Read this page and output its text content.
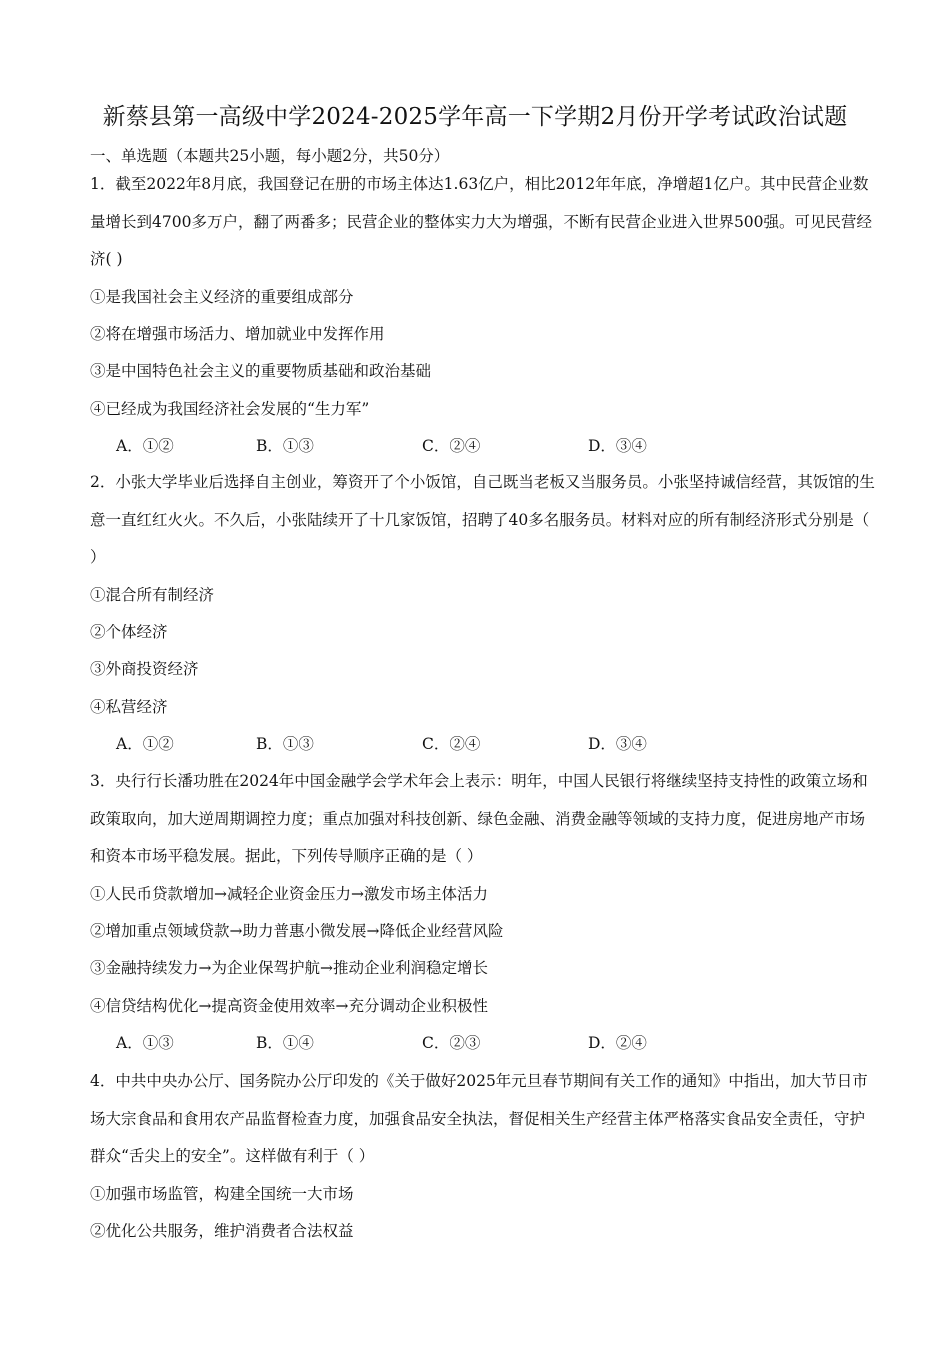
新蔡县第一高级中学2024-2025学年高一下学期2月份开学考试政治试题
一、单选题（本题共25小题，每小题2分，共50分）
1．截至2022年8月底，我国登记在册的市场主体达1.63亿户，相比2012年年底，净增超1亿户。其中民营企业数量增长到4700多万户，翻了两番多；民营企业的整体实力大为增强，不断有民营企业进入世界500强。可见民营经济( )
①是我国社会主义经济的重要组成部分
②将在增强市场活力、增加就业中发挥作用
③是中国特色社会主义的重要物质基础和政治基础
④已经成为我国经济社会发展的“生力军”
A．①②	B．①③	C．②④	D．③④
2．小张大学毕业后选择自主创业，筹资开了个小饭馆，自己既当老板又当服务员。小张坚持诚信经营，其饭馆的生意一直红红火火。不久后，小张陆续开了十几家饭馆，招聘了40多名服务员。材料对应的所有制经济形式分别是（ ）
①混合所有制经济
②个体经济
③外商投资经济
④私营经济
A．①②	B．①③	C．②④	D．③④
3．央行行长潘功胜在2024年中国金融学会学术年会上表示：明年，中国人民银行将继续坚持支持性的政策立场和政策取向，加大逆周期调控力度；重点加强对科技创新、绿色金融、消费金融等领域的支持力度，促进房地产市场和资本市场平稳发展。据此，下列传导顺序正确的是（ ）
①人民币贷款增加→减轻企业资金压力→激发市场主体活力
②增加重点领域贷款→助力普惠小微发展→降低企业经营风险
③金融持续发力→为企业保驾护航→推动企业利润稳定增长
④信贷结构优化→提高资金使用效率→充分调动企业积极性
A．①③	B．①④	C．②③	D．②④
4．中共中央办公厅、国务院办公厅印发的《关于做好2025年元旦春节期间有关工作的通知》中指出，加大节日市场大宗食品和食用农产品监督检查力度，加强食品安全执法，督促相关生产经营主体严格落实食品安全责任，守护群众“舌尖上的安全”。这样做有利于（ ）
①加强市场监管，构建全国统一大市场
②优化公共服务，维护消费者合法权益
